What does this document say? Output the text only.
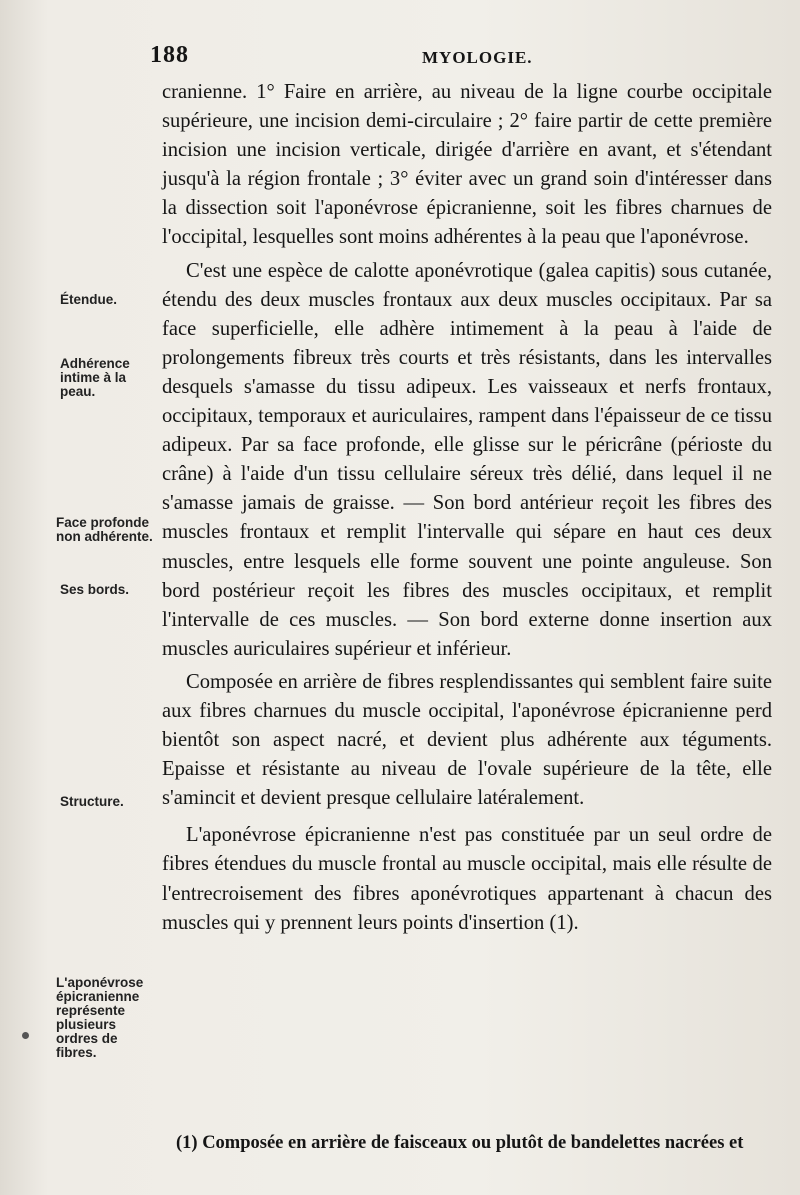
188	MYOLOGIE.
Étendue.
Adhérence intime à la peau.
Face profonde non adhérente.
Ses bords.
Structure.
L'aponévrose épicranienne représente plusieurs ordres de fibres.

cranienne. 1° Faire en arrière, au niveau de la ligne courbe occipitale supérieure, une incision demi-circulaire ; 2° faire partir de cette première incision une incision verticale, dirigée d'arrière en avant, et s'étendant jusqu'à la région frontale ; 3° éviter avec un grand soin d'intéresser dans la dissection soit l'aponévrose épicranienne, soit les fibres charnues de l'occipital, lesquelles sont moins adhérentes à la peau que l'aponévrose.

C'est une espèce de calotte aponévrotique (galea capitis) sous cutanée, étendu des deux muscles frontaux aux deux muscles occipitaux. Par sa face superficielle, elle adhère intimement à la peau à l'aide de prolongements fibreux très courts et très résistants, dans les intervalles desquels s'amasse du tissu adipeux. Les vaisseaux et nerfs frontaux, occipitaux, temporaux et auriculaires, rampent dans l'épaisseur de ce tissu adipeux. Par sa face profonde, elle glisse sur le péricrâne (périoste du crâne) à l'aide d'un tissu cellulaire séreux très délié, dans lequel il ne s'amasse jamais de graisse. — Son bord antérieur reçoit les fibres des muscles frontaux et remplit l'intervalle qui sépare en haut ces deux muscles, entre lesquels elle forme souvent une pointe anguleuse. Son bord postérieur reçoit les fibres des muscles occipitaux, et remplit l'intervalle de ces muscles. — Son bord externe donne insertion aux muscles auriculaires supérieur et inférieur.

Composée en arrière de fibres resplendissantes qui semblent faire suite aux fibres charnues du muscle occipital, l'aponévrose épicranienne perd bientôt son aspect nacré, et devient plus adhérente aux téguments. Epaisse et résistante au niveau de l'ovale supérieure de la tête, elle s'amincit et devient presque cellulaire latéralement.

L'aponévrose épicranienne n'est pas constituée par un seul ordre de fibres étendues du muscle frontal au muscle occipital, mais elle résulte de l'entrecroisement des fibres aponévrotiques appartenant à chacun des muscles qui y prennent leurs points d'insertion (1).

(1) Composée en arrière de faisceaux ou plutôt de bandelettes nacrées et
